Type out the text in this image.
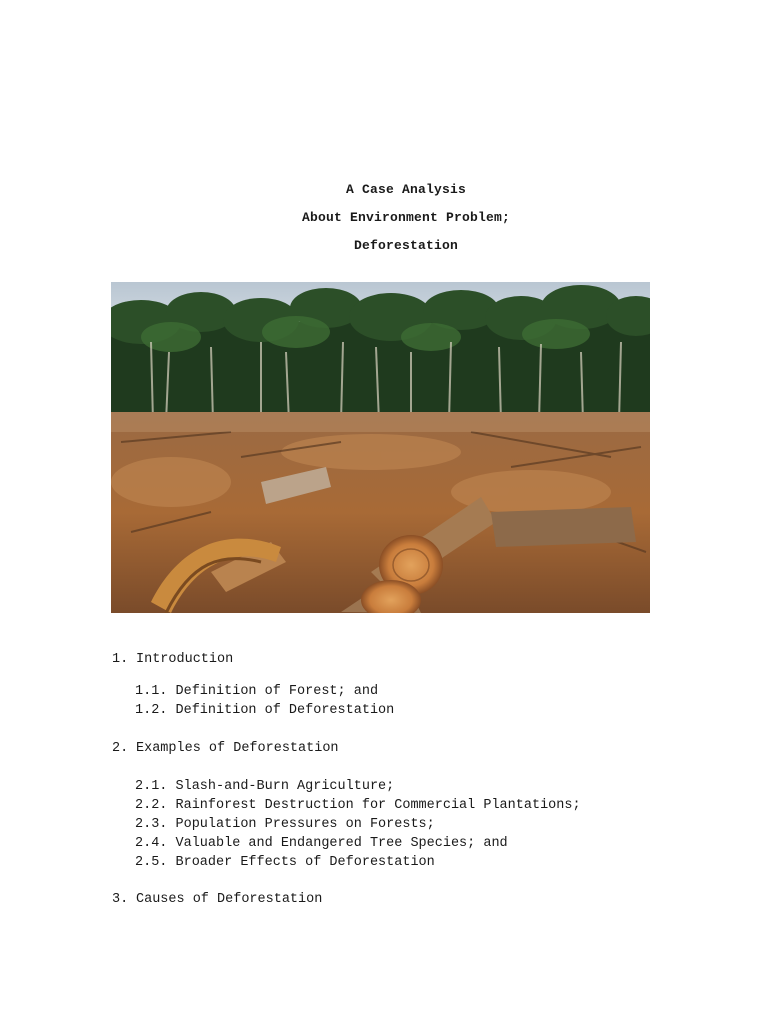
A Case Analysis
About Environment Problem;
Deforestation
1. Introduction
1.1. Definition of Forest; and
1.2. Definition of Deforestation
2. Examples of Deforestation
2.1. Slash-and-Burn Agriculture;
2.2. Rainforest Destruction for Commercial Plantations;
2.3. Population Pressures on Forests;
2.4. Valuable and Endangered Tree Species; and
2.5. Broader Effects of Deforestation
3. Causes of Deforestation
